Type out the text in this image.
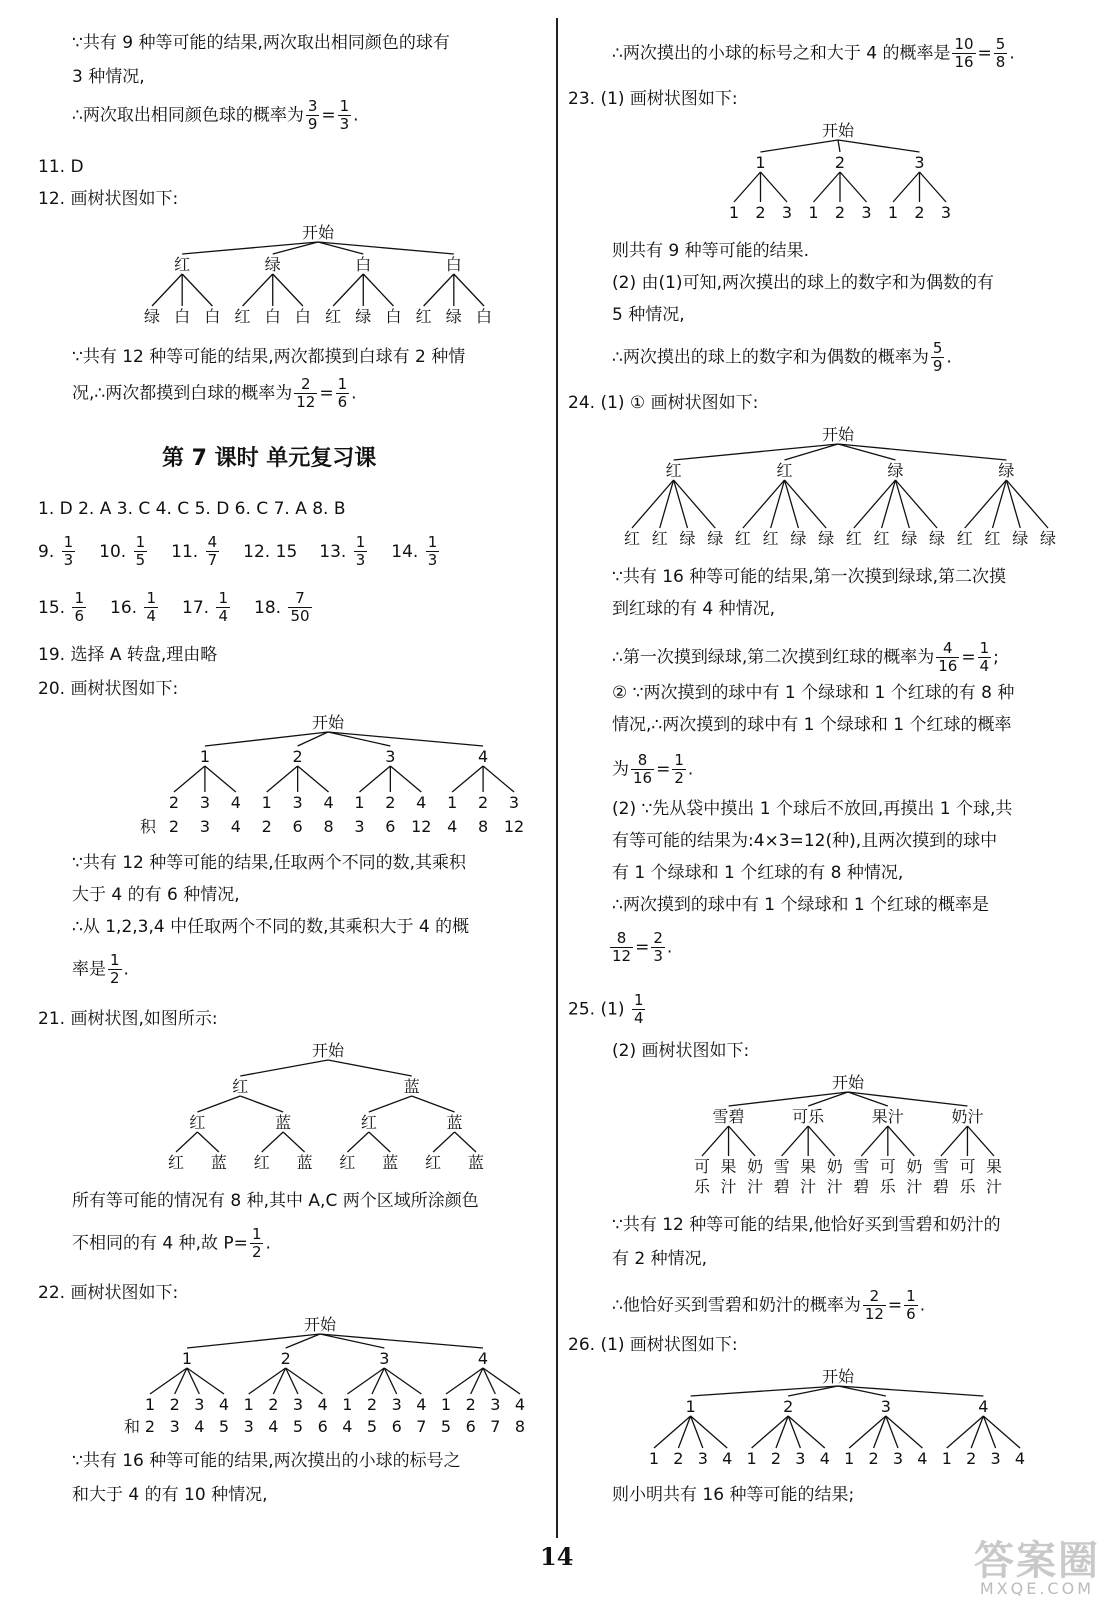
∵共有 9 种等可能的结果,两次取出相同颜色的球有
3 种情况,
∴两次取出相同颜色球的概率为 $\frac{3}{9} = \frac{1}{3}$ .
11. D
12. 画树状图如下:
开始
红
绿 白 白
绿
红 白 白
白
红 绿 白
白
红 绿 白
∵共有 12 种等可能的结果,两次都摸到白球有 2 种情
况,∴两次都摸到白球的概率为 $\frac{2}{12} = \frac{1}{6}$ .
第 7 课时 单元复习课
1. D 2. A 3. C 4. C 5. D 6. C 7. A 8. B
9. $\frac{1}{3} 10$. $\frac{1}{5} 11$. $\frac{4}{7} 12$. 15 13. $\frac{1}{3} 14$. $\frac{1}{3}$
15. $\frac{1}{6} 16$. $\frac{1}{4} 17$. $\frac{1}{4} 18$. $\frac{7}{50}$
19. 选择 A 转盘,理由略
20. 画树状图如下:
开始
1
2
2
3
3
4
4
2
1
2
3
6
4
8
3
1
3
2
6
4
12
4
1
4
2
8
3
12
积
∵共有 12 种等可能的结果,任取两个不同的数,其乘积
大于 4 的有 6 种情况,
∴从 1,2,3,4 中任取两个不同的数,其乘积大于 4 的概
率是 $\frac{1}{2}$ .
21. 画树状图,如图所示:
开始
红
红
红 蓝
蓝
红 蓝
蓝
红
红 蓝
蓝
红 蓝
所有等可能的情况有 8 种,其中 A,C 两个区域所涂颜色
不相同的有 4 种,故 $P= \frac{1}{2}$ .
22. 画树状图如下:
开始
1
1
2
2
3
3
4
4
5
2
1
3
2
4
3
5
4
6
3
1
4
2
5
3
6
4
7
4
1
5
2
6
3
7
4
8
和
∵共有 16 种等可能的结果,两次摸出的小球的标号之
和大于 4 的有 10 种情况,
∴两次摸出的小球的标号之和大于 4 的概率是 $\frac{10}{16} = \frac{5}{8}$ .
23. (1) 画树状图如下:
开始
1
1 2 3
2
1 2 3
3
1 2 3
则共有 9 种等可能的结果.
(2) 由(1)可知,两次摸出的球上的数字和为偶数的有
5 种情况,
∴两次摸出的球上的数字和为偶数的概率为 $\frac{5}{9}$ .
24. (1) ① 画树状图如下:
开始
红
红 红 绿 绿
红
红 红 绿 绿
绿
红 红 绿 绿
绿
红 红 绿 绿
∵共有 16 种等可能的结果,第一次摸到绿球,第二次摸
到红球的有 4 种情况,
∴第一次摸到绿球,第二次摸到红球的概率为 $\frac{4}{16} = \frac{1}{4}$ ;
② ∵两次摸到的球中有 1 个绿球和 1 个红球的有 8 种
情况,∴两次摸到的球中有 1 个绿球和 1 个红球的概率
为 $\frac{8}{16} = \frac{1}{2}$ .
(2) ∵先从袋中摸出 1 个球后不放回,再摸出 1 个球,共
有等可能的结果为:4×3=12(种),且两次摸到的球中
有 1 个绿球和 1 个红球的有 8 种情况,
∴两次摸到的球中有 1 个绿球和 1 个红球的概率是
$\frac{8}{12} = \frac{2}{3}$ .
25. $(1) \frac{1}{4}$
(2) 画树状图如下:
开始
雪碧
可
乐
果
汁
奶
汁
可乐
雪
碧
果
汁
奶
汁
果汁
雪
碧
可
乐
奶
汁
奶汁
雪
碧
可
乐
果
汁
∵共有 12 种等可能的结果,他恰好买到雪碧和奶汁的
有 2 种情况,
∴他恰好买到雪碧和奶汁的概率为 $\frac{2}{12} = \frac{1}{6}$ .
26. (1) 画树状图如下:
开始
1
1 2 3 4
2
1 2 3 4
3
1 2 3 4
4
1 2 3 4
则小明共有 16 种等可能的结果;
14	答案圈
MXQE.COM
